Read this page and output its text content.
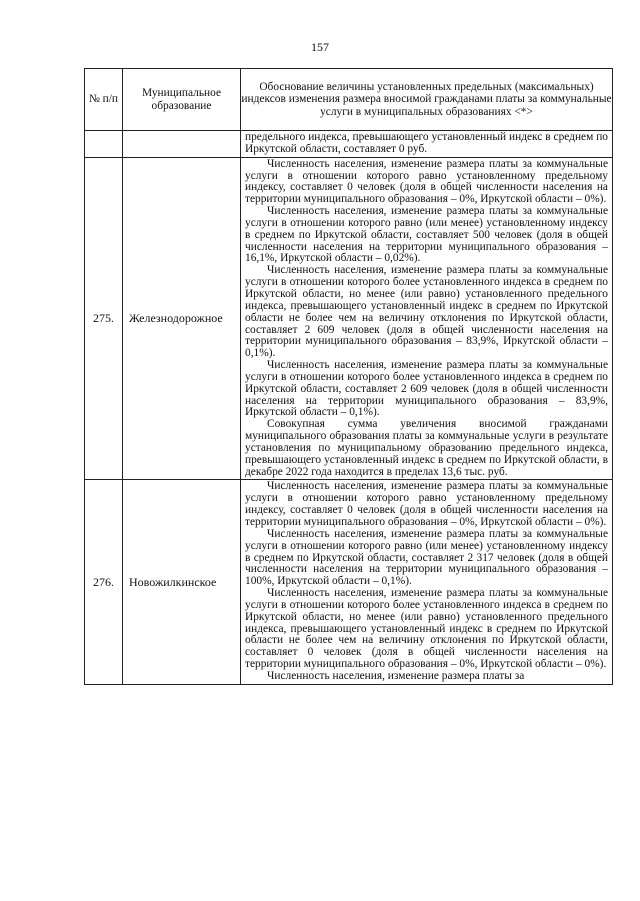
157
№ п/п	Муниципальное образование	Обоснование величины установленных предельных (максимальных) индексов изменения размера вносимой гражданами платы за коммунальные услуги в муниципальных образованиях <*>

		предельного индекса, превышающего установленный индекс в среднем по Иркутской области, составляет 0 руб.

275.	Железнодорожное	Численность населения, изменение размера платы за коммунальные услуги в отношении которого равно установленному предельному индексу, составляет 0 человек (доля в общей численности населения на территории муниципального образования – 0%, Иркутской области – 0%).

Численность населения, изменение размера платы за коммунальные услуги в отношении которого равно (или менее) установленному индексу в среднем по Иркутской области, составляет 500 человек (доля в общей численности населения на территории муниципального образования – 16,1%, Иркутской области – 0,02%).

Численность населения, изменение размера платы за коммунальные услуги в отношении которого более установленного индекса в среднем по Иркутской области, но менее (или равно) установленного предельного индекса, превышающего установленный индекс в среднем по Иркутской области не более чем на величину отклонения по Иркутской области, составляет 2 609 человек (доля в общей численности населения на территории муниципального образования – 83,9%, Иркутской области – 0,1%).

Численность населения, изменение размера платы за коммунальные услуги в отношении которого более установленного индекса в среднем по Иркутской области, составляет 2 609 человек (доля в общей численности населения на территории муниципального образования – 83,9%, Иркутской области – 0,1%).

Совокупная сумма увеличения вносимой гражданами муниципального образования платы за коммунальные услуги в результате установления по муниципальному образованию предельного индекса, превышающего установленный индекс в среднем по Иркутской области, в декабре 2022 года находится в пределах 13,6 тыс. руб.

276.	Новожилкинское	Численность населения, изменение размера платы за коммунальные услуги в отношении которого равно установленному предельному индексу, составляет 0 человек (доля в общей численности населения на территории муниципального образования – 0%, Иркутской области – 0%).

Численность населения, изменение размера платы за коммунальные услуги в отношении которого равно (или менее) установленному индексу в среднем по Иркутской области, составляет 2 317 человек (доля в общей численности населения на территории муниципального образования – 100%, Иркутской области – 0,1%).

Численность населения, изменение размера платы за коммунальные услуги в отношении которого более установленного индекса в среднем по Иркутской области, но менее (или равно) установленного предельного индекса, превышающего установленный индекс в среднем по Иркутской области не более чем на величину отклонения по Иркутской области, составляет 0 человек (доля в общей численности населения на территории муниципального образования – 0%, Иркутской области – 0%).

Численность населения, изменение размера платы за
